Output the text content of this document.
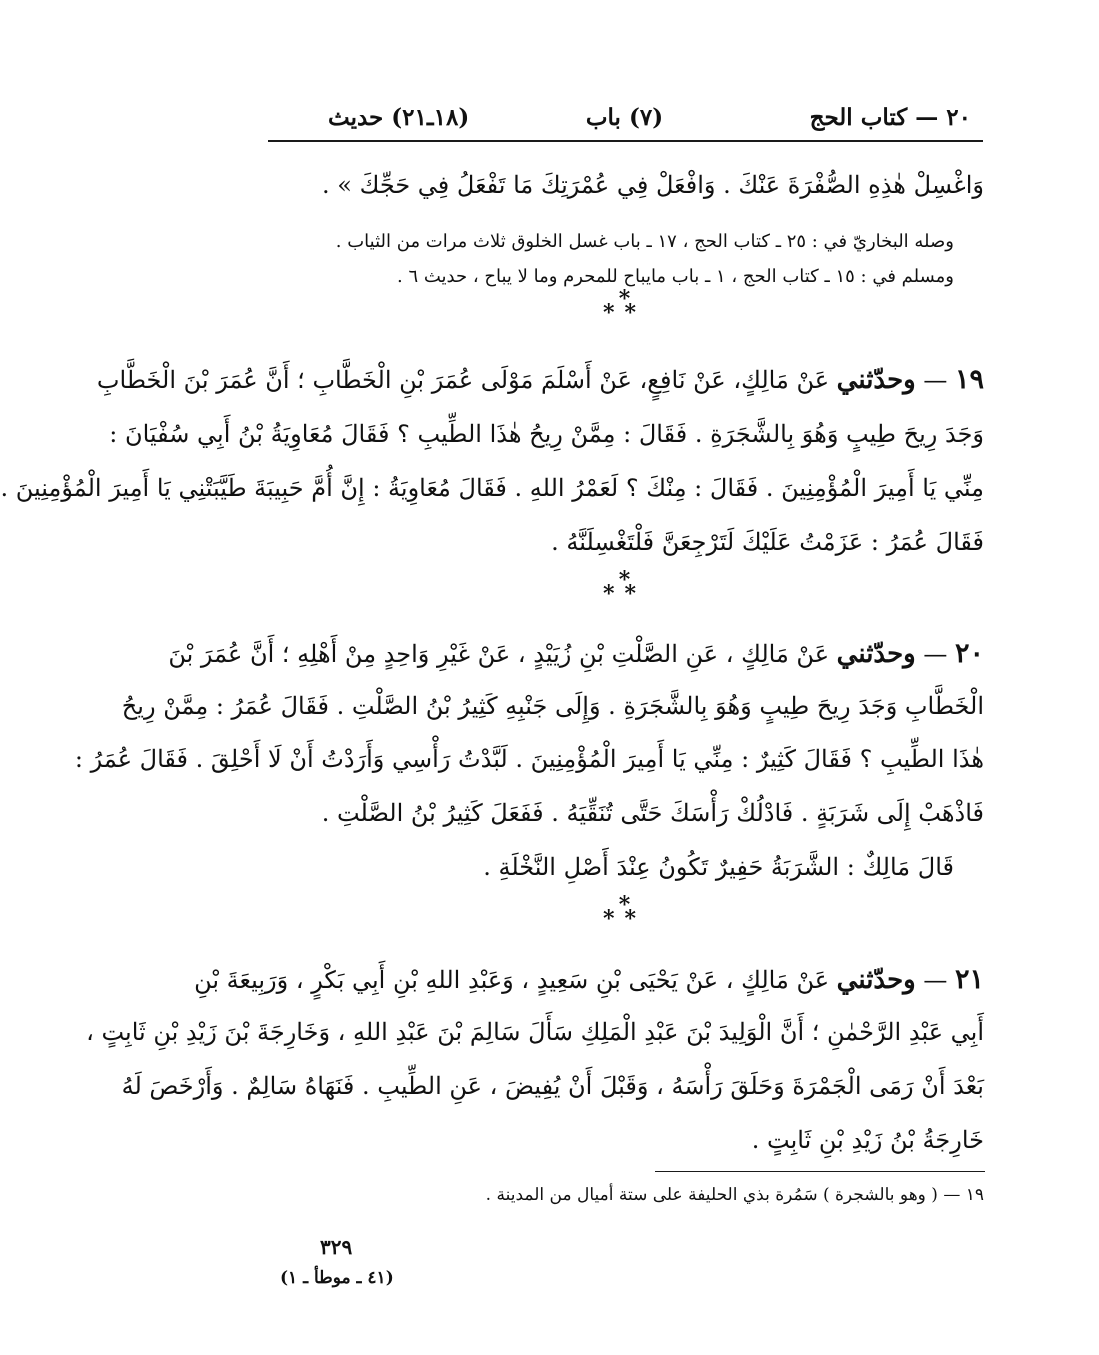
٢٠ — كتاب الحج
(٧) باب
(١٨ـ٢١) حديث
وَاغْسِلْ هٰذِهِ الصُّفْرَةَ عَنْكَ . وَافْعَلْ فِي عُمْرَتِكَ مَا تَفْعَلُ فِي حَجِّكَ » .
وصله البخاريّ في : ٢٥ ـ كتاب الحج ، ١٧ ـ باب غسل الخلوق ثلاث مرات من الثياب .
ومسلم في : ١٥ ـ كتاب الحج ، ١ ـ باب مايباح للمحرم وما لا يباح ، حديث ٦ .
*
**
١٩ — وحدّثني عَنْ مَالِكٍ، عَنْ نَافِعٍ، عَنْ أَسْلَمَ مَوْلَى عُمَرَ بْنِ الْخَطَّابِ ؛ أَنَّ عُمَرَ بْنَ الْخَطَّابِ
وَجَدَ رِيحَ طِيبٍ وَهُوَ بِالشَّجَرَةِ . فَقَالَ : مِمَّنْ رِيحُ هٰذَا الطِّيبِ ؟ فَقَالَ مُعَاوِيَةُ بْنُ أَبِي سُفْيَانَ :
مِنِّي يَا أَمِيرَ الْمُؤْمِنِينَ . فَقَالَ : مِنْكَ ؟ لَعَمْرُ اللهِ . فَقَالَ مُعَاوِيَةُ : إِنَّ أُمَّ حَبِيبَةَ طَيَّبَتْنِي يَا أَمِيرَ الْمُؤْمِنِينَ .
فَقَالَ عُمَرُ : عَزَمْتُ عَلَيْكَ لَتَرْجِعَنَّ فَلْتَغْسِلَنَّهُ .
*
**
٢٠ — وحدّثني عَنْ مَالِكٍ ، عَنِ الصَّلْتِ بْنِ زُيَيْدٍ ، عَنْ غَيْرِ وَاحِدٍ مِنْ أَهْلِهِ ؛ أَنَّ عُمَرَ بْنَ
الْخَطَّابِ وَجَدَ رِيحَ طِيبٍ وَهُوَ بِالشَّجَرَةِ . وَإِلَى جَنْبِهِ كَثِيرُ بْنُ الصَّلْتِ . فَقَالَ عُمَرُ : مِمَّنْ رِيحُ
هٰذَا الطِّيبِ ؟ فَقَالَ كَثِيرٌ : مِنِّي يَا أَمِيرَ الْمُؤْمِنِينَ . لَبَّدْتُ رَأْسِي وَأَرَدْتُ أَنْ لَا أَحْلِقَ . فَقَالَ عُمَرُ :
فَاذْهَبْ إِلَى شَرَبَةٍ . فَادْلُكْ رَأْسَكَ حَتَّى تُنَقِّيَهُ . فَفَعَلَ كَثِيرُ بْنُ الصَّلْتِ .
قَالَ مَالِكٌ : الشَّرَبَةُ حَفِيرٌ تَكُونُ عِنْدَ أَصْلِ النَّخْلَةِ .
*
**
٢١ — وحدّثني عَنْ مَالِكٍ ، عَنْ يَحْيَى بْنِ سَعِيدٍ ، وَعَبْدِ اللهِ بْنِ أَبِي بَكْرٍ ، وَرَبِيعَةَ بْنِ
أَبِي عَبْدِ الرَّحْمٰنِ ؛ أَنَّ الْوَلِيدَ بْنَ عَبْدِ الْمَلِكِ سَأَلَ سَالِمَ بْنَ عَبْدِ اللهِ ، وَخَارِجَةَ بْنَ زَيْدِ بْنِ ثَابِتٍ ،
بَعْدَ أَنْ رَمَى الْجَمْرَةَ وَحَلَقَ رَأْسَهُ ، وَقَبْلَ أَنْ يُفِيضَ ، عَنِ الطِّيبِ . فَنَهَاهُ سَالِمٌ . وَأَرْخَصَ لَهُ
خَارِجَةُ بْنُ زَيْدِ بْنِ ثَابِتٍ .
١٩ — ( وهو بالشجرة ) سَمُرة بذي الحليفة على ستة أميال من المدينة .
٣٢٩
(٤١ ـ موطأ ـ ١)
